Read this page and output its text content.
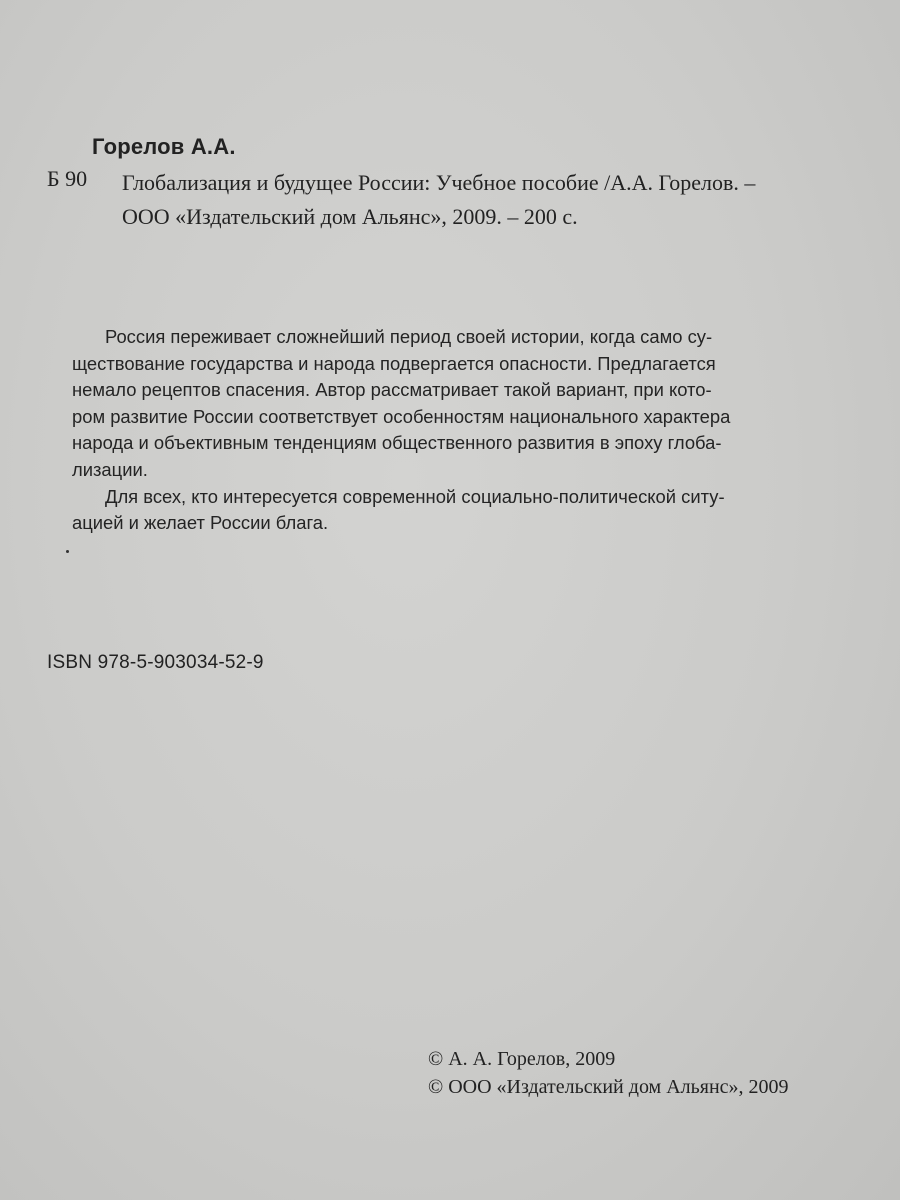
Горелов А.А.
Б 90 Глобализация и будущее России: Учебное пособие /А.А. Горелов. –
ООО «Издательский дом Альянс», 2009. – 200 с.
Россия переживает сложнейший период своей истории, когда само су-
ществование государства и народа подвергается опасности. Предлагается
немало рецептов спасения. Автор рассматривает такой вариант, при кото-
ром развитие России соответствует особенностям национального характера
народа и объективным тенденциям общественного развития в эпоху глоба-
лизации.
Для всех, кто интересуется современной социально-политической ситу-
ацией и желает России блага.
ISBN 978-5-903034-52-9
© А. А. Горелов, 2009
© ООО «Издательский дом Альянс», 2009
